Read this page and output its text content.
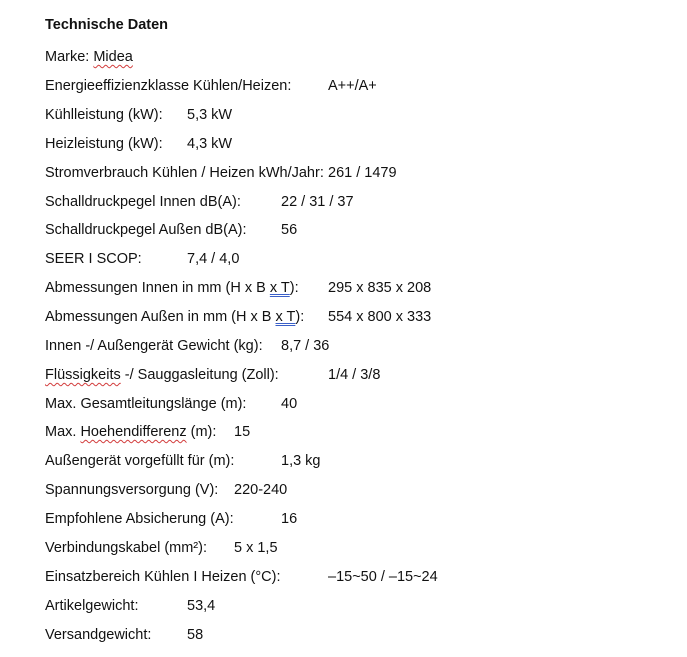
Technische Daten
Marke: Midea
Energieeffizienzklasse Kühlen/Heizen:	A++/A+
Kühlleistung (kW): 5,3 kW
Heizleistung (kW): 4,3 kW
Stromverbrauch Kühlen / Heizen kWh/Jahr: 261 / 1479
Schalldruckpegel Innen dB(A):	22 / 31 / 37
Schalldruckpegel Außen dB(A): 56
SEER I SCOP:	7,4 / 4,0
Abmessungen Innen in mm (H x B x T): 295 x 835 x 208
Abmessungen Außen in mm (H x B x T): 554 x 800 x 333
Innen -/ Außengerät Gewicht (kg): 8,7 / 36
Flüssigkeits -/ Sauggasleitung (Zoll):	1/4 / 3/8
Max. Gesamtleitungslänge (m): 40
Max. Hoehendifferenz (m): 15
Außengerät vorgefüllt für (m):	1,3 kg
Spannungsversorgung (V): 220-240
Empfohlene Absicherung (A):	16
Verbindungskabel (mm²): 5 x 1,5
Einsatzbereich Kühlen I Heizen (°C):	–15~50 / –15~24
Artikelgewicht:	53,4
Versandgewicht: 58
